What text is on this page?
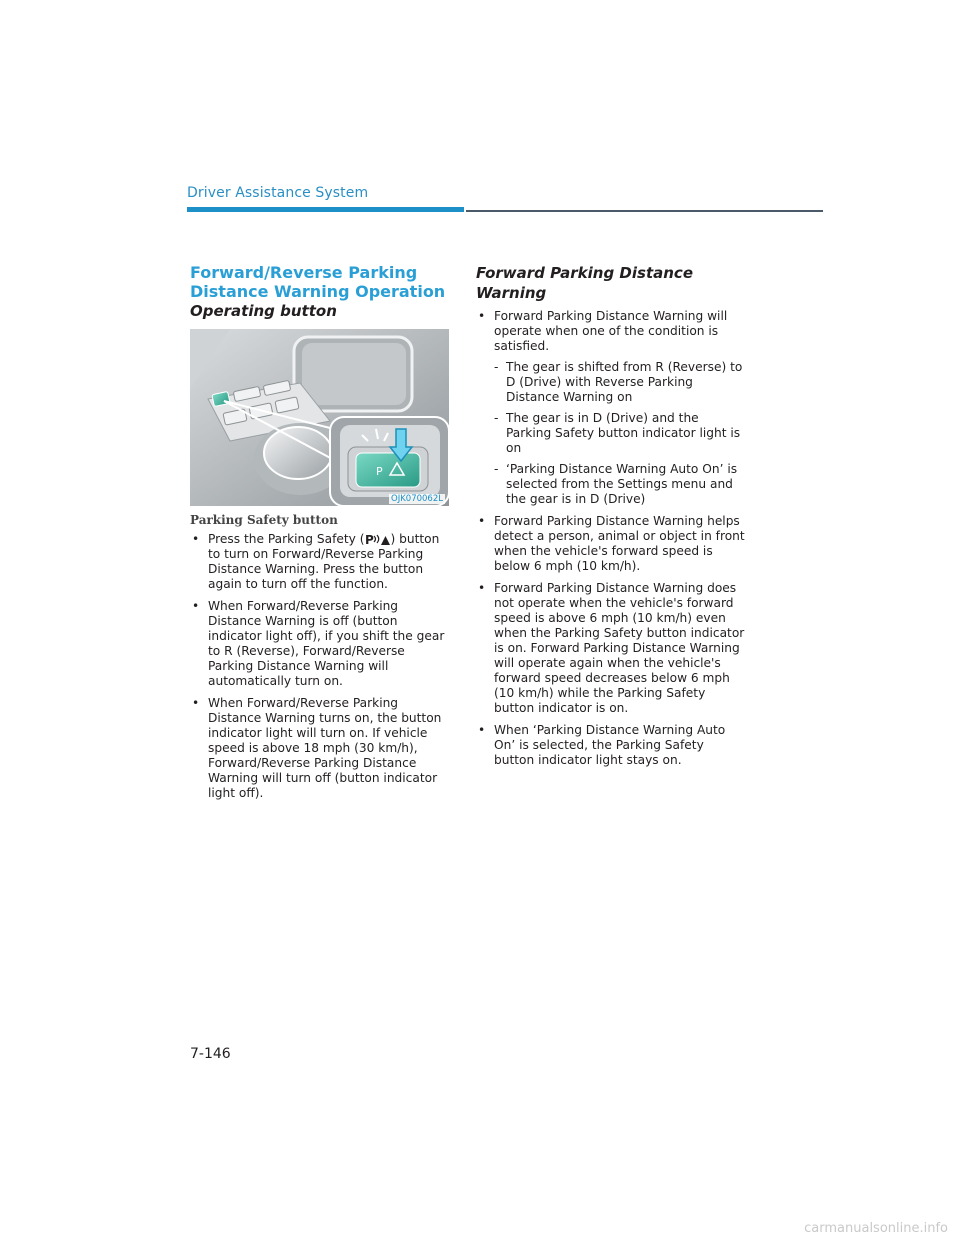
Driver Assistance System
Forward/Reverse Parking
Distance Warning Operation
Operating button
P
OJK070062L
Parking Safety button
• Press the Parking Safety ( P ) button to turn on Forward/Reverse Parking Distance Warning. Press the button again to turn off the function.
• When Forward/Reverse Parking Distance Warning is off (button indicator light off), if you shift the gear to R (Reverse), Forward/Reverse Parking Distance Warning will automatically turn on.
• When Forward/Reverse Parking Distance Warning turns on, the button indicator light will turn on. If vehicle speed is above 18 mph (30 km/h), Forward/Reverse Parking Distance Warning will turn off (button indicator light off).
Forward Parking Distance Warning
• Forward Parking Distance Warning will operate when one of the condition is satisfied.
- The gear is shifted from R (Reverse) to D (Drive) with Reverse Parking Distance Warning on
- The gear is in D (Drive) and the Parking Safety button indicator light is on
- ‘Parking Distance Warning Auto On’ is selected from the Settings menu and the gear is in D (Drive)
• Forward Parking Distance Warning helps detect a person, animal or object in front when the vehicle's forward speed is below 6 mph (10 km/h).
• Forward Parking Distance Warning does not operate when the vehicle's forward speed is above 6 mph (10 km/h) even when the Parking Safety button indicator is on. Forward Parking Distance Warning will operate again when the vehicle's forward speed decreases below 6 mph (10 km/h) while the Parking Safety button indicator is on.
• When ‘Parking Distance Warning Auto On’ is selected, the Parking Safety button indicator light stays on.
7-146
carmanualsonline.info
